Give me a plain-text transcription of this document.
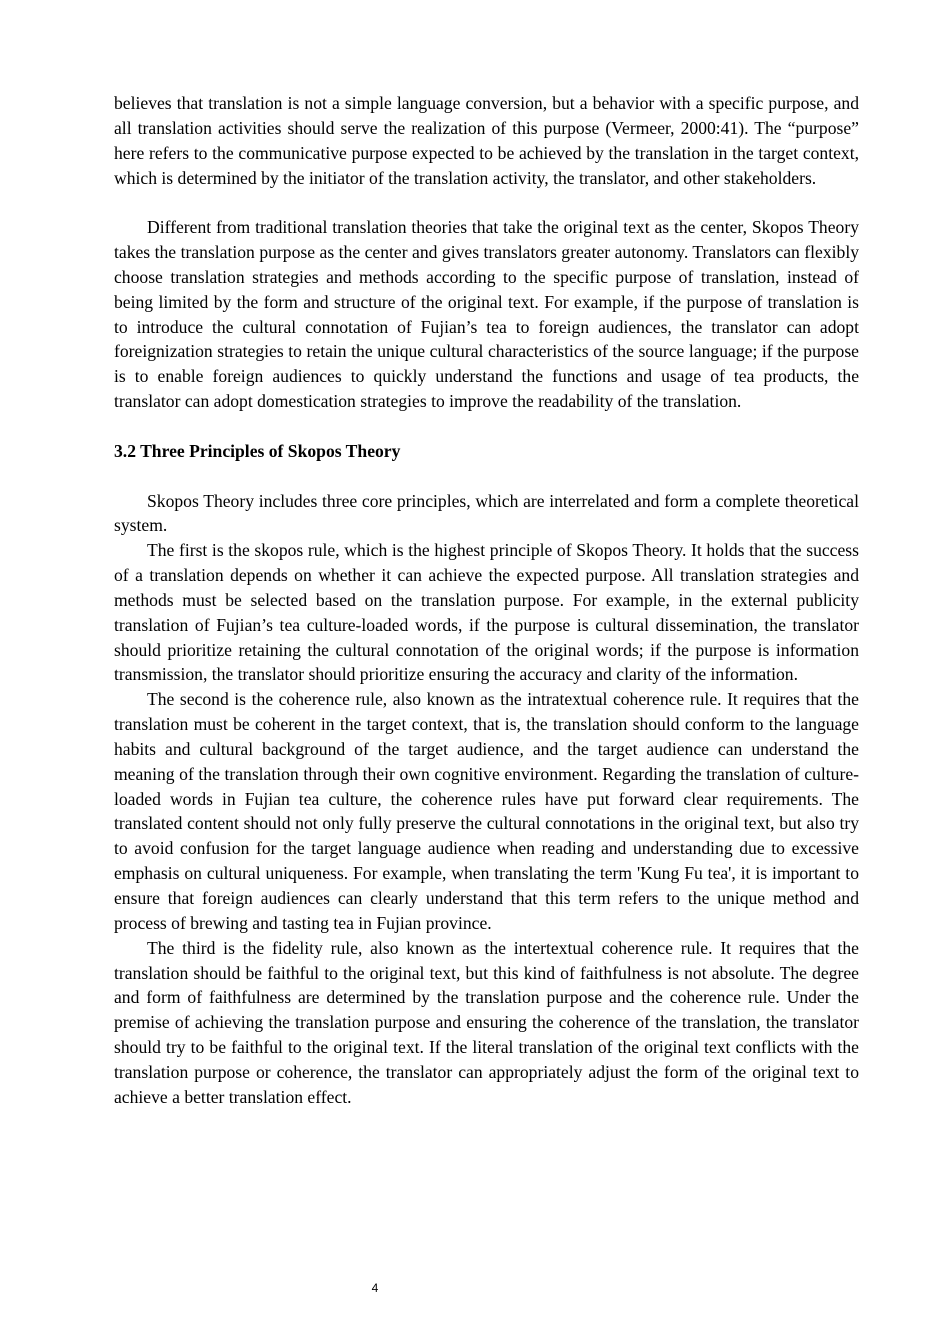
believes that translation is not a simple language conversion, but a behavior with a specific purpose, and all translation activities should serve the realization of this purpose (Vermeer, 2000:41). The “purpose” here refers to the communicative purpose expected to be achieved by the translation in the target context, which is determined by the initiator of the translation activity, the translator, and other stakeholders.

Different from traditional translation theories that take the original text as the center, Skopos Theory takes the translation purpose as the center and gives translators greater autonomy. Translators can flexibly choose translation strategies and methods according to the specific purpose of translation, instead of being limited by the form and structure of the original text. For example, if the purpose of translation is to introduce the cultural connotation of Fujian’s tea to foreign audiences, the translator can adopt foreignization strategies to retain the unique cultural characteristics of the source language; if the purpose is to enable foreign audiences to quickly understand the functions and usage of tea products, the translator can adopt domestication strategies to improve the readability of the translation.

3.2 Three Principles of Skopos Theory

Skopos Theory includes three core principles, which are interrelated and form a complete theoretical system.

The first is the skopos rule, which is the highest principle of Skopos Theory. It holds that the success of a translation depends on whether it can achieve the expected purpose. All translation strategies and methods must be selected based on the translation purpose. For example, in the external publicity translation of Fujian’s tea culture-loaded words, if the purpose is cultural dissemination, the translator should prioritize retaining the cultural connotation of the original words; if the purpose is information transmission, the translator should prioritize ensuring the accuracy and clarity of the information.

The second is the coherence rule, also known as the intratextual coherence rule. It requires that the translation must be coherent in the target context, that is, the translation should conform to the language habits and cultural background of the target audience, and the target audience can understand the meaning of the translation through their own cognitive environment. Regarding the translation of culture-loaded words in Fujian tea culture, the coherence rules have put forward clear requirements. The translated content should not only fully preserve the cultural connotations in the original text, but also try to avoid confusion for the target language audience when reading and understanding due to excessive emphasis on cultural uniqueness. For example, when translating the term 'Kung Fu tea', it is important to ensure that foreign audiences can clearly understand that this term refers to the unique method and process of brewing and tasting tea in Fujian province.

The third is the fidelity rule, also known as the intertextual coherence rule. It requires that the translation should be faithful to the original text, but this kind of faithfulness is not absolute. The degree and form of faithfulness are determined by the translation purpose and the coherence rule. Under the premise of achieving the translation purpose and ensuring the coherence of the translation, the translator should try to be faithful to the original text. If the literal translation of the original text conflicts with the translation purpose or coherence, the translator can appropriately adjust the form of the original text to achieve a better translation effect.

4
